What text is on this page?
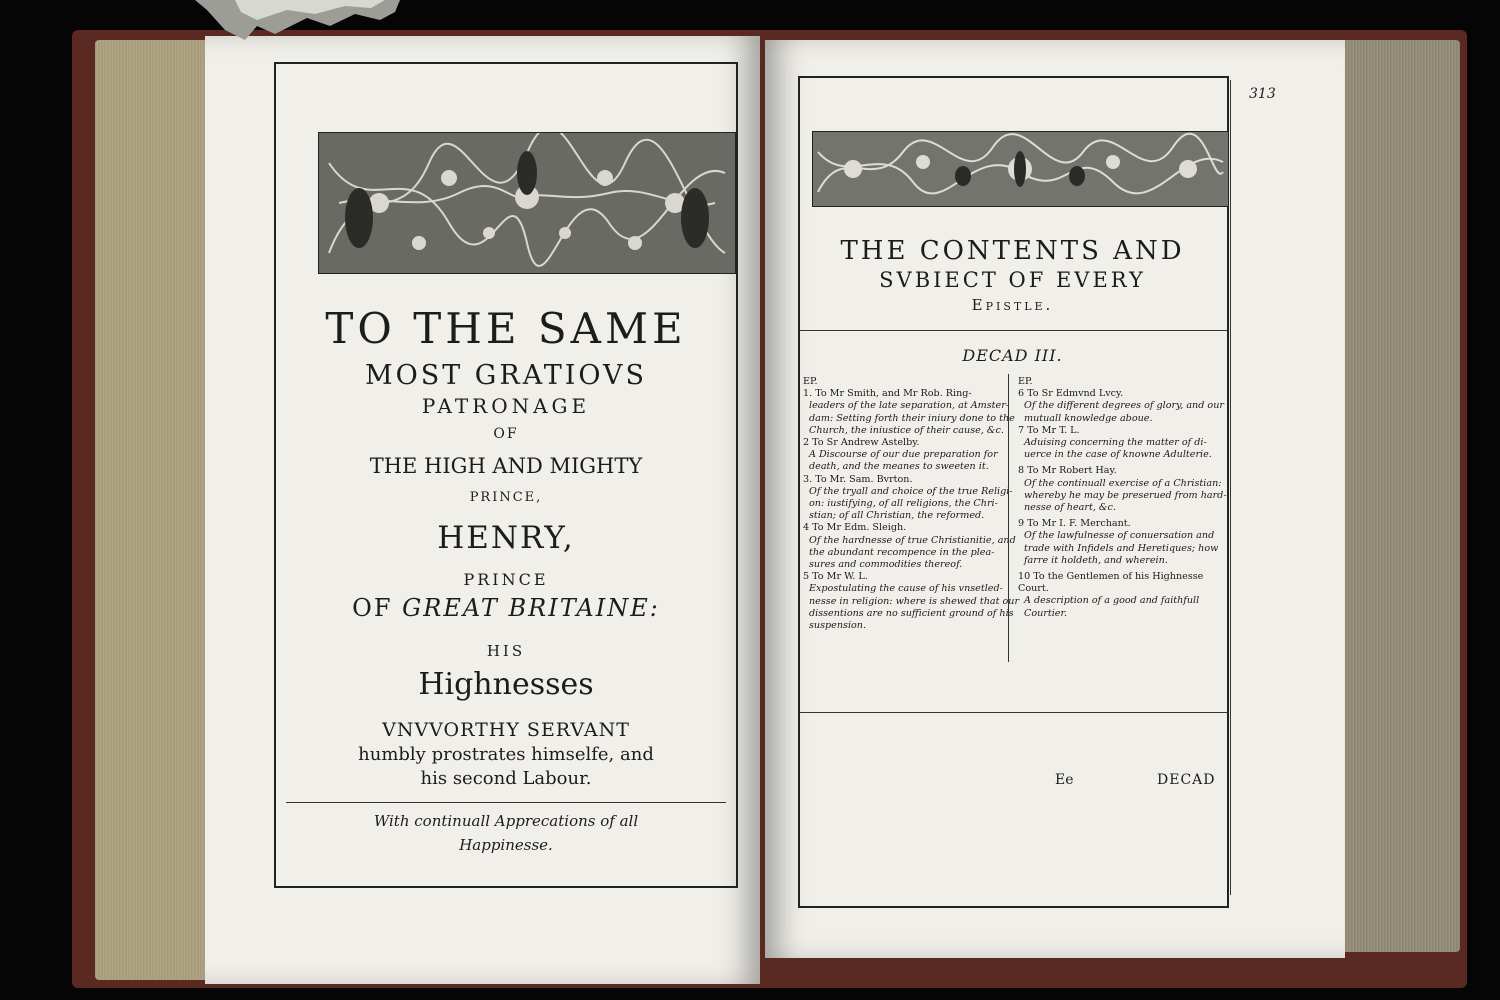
TO THE SAME
MOST GRATIOVS
PATRONAGE
OF
THE HIGH AND MIGHTY
PRINCE,
HENRY,
PRINCE
OF GREAT BRITAINE:
HIS
Highnesses
VNVVORTHY SERVANT
humbly prostrates himselfe, and
his second Labour.
With continuall Apprecations of all
Happinesse.
313
THE CONTENTS AND
SVBIECT OF EVERY
Epistle.
DECAD III.
EP.
1. To Mr Smith, and Mr Rob. Ring-
leaders of the late separation, at Amster-
dam: Setting forth their iniury done to the
Church, the iniustice of their cause, &c.
2 To Sr Andrew Astelby.
A Discourse of our due preparation for
death, and the meanes to sweeten it.
3. To Mr. Sam. Bvrton.
Of the tryall and choice of the true Religi-
on: iustifying, of all religions, the Chri-
stian; of all Christian, the reformed.
4 To Mr Edm. Sleigh.
Of the hardnesse of true Christianitie, and
the abundant recompence in the plea-
sures and commodities thereof.
5 To Mr W. L.
Expostulating the cause of his vnsetled-
nesse in religion: where is shewed that our
dissentions are no sufficient ground of his
suspension.
EP.
6 To Sr Edmvnd Lvcy.
Of the different degrees of glory, and our
mutuall knowledge aboue.
7 To Mr T. L.
Aduising concerning the matter of di-
uerce in the case of knowne Adulterie.
8 To Mr Robert Hay.
Of the continuall exercise of a Christian:
whereby he may be preserued from hard-
nesse of heart, &c.
9 To Mr I. F. Merchant.
Of the lawfulnesse of conuersation and
trade with Infidels and Heretiques; how
farre it holdeth, and wherein.
10 To the Gentlemen of his Highnesse
Court.
A description of a good and faithfull
Courtier.
Ee	DECAD
